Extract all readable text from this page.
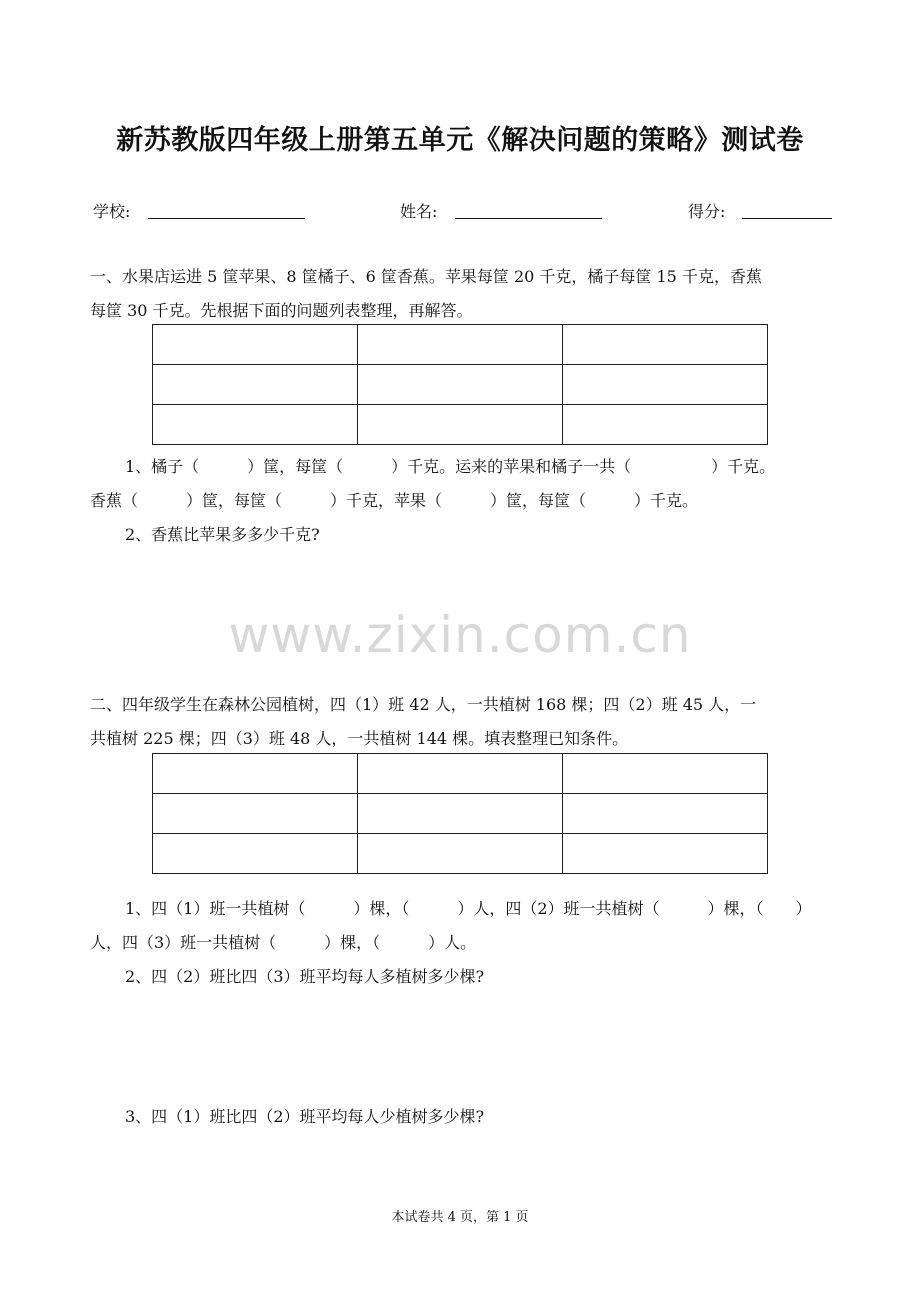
新苏教版四年级上册第五单元《解决问题的策略》测试卷
学校:	姓名:	得分:
一、水果店运进 5 筐苹果、8 筐橘子、6 筐香蕉。苹果每筐 20 千克，橘子每筐 15 千克，香蕉
每筐 30 千克。先根据下面的问题列表整理，再解答。

1、橘子（　　　）筐，每筐（　　　）千克。运来的苹果和橘子一共（　　　　　）千克。
香蕉（　　　）筐，每筐（　　　）千克，苹果（　　　）筐，每筐（　　　）千克。
2、香蕉比苹果多多少千克?
www.zixin.com.cn
二、四年级学生在森林公园植树，四（1）班 42 人，一共植树 168 棵；四（2）班 45 人，一
共植树 225 棵；四（3）班 48 人，一共植树 144 棵。填表整理已知条件。

1、四（1）班一共植树（　　　）棵，（　　　）人，四（2）班一共植树（　　　）棵，（　　）
人，四（3）班一共植树（　　　）棵，（　　　）人。
2、四（2）班比四（3）班平均每人多植树多少棵?
3、四（1）班比四（2）班平均每人少植树多少棵?
本试卷共 4 页，第 1 页
